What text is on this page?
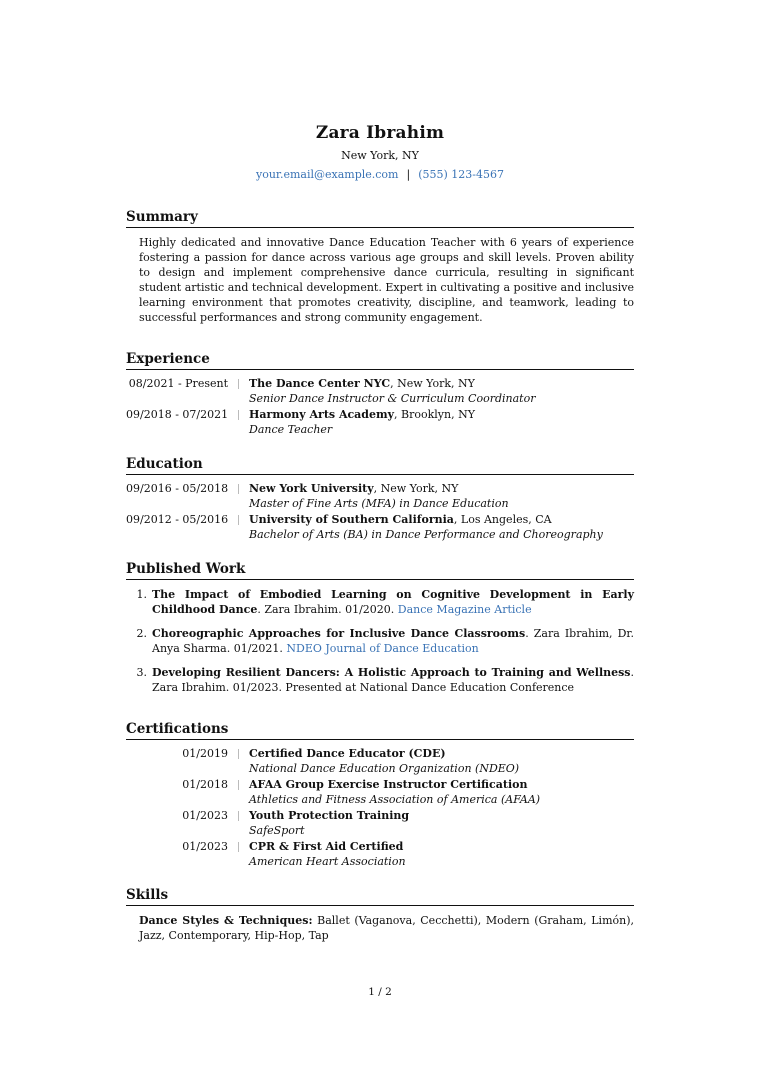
Zara Ibrahim
New York, NY
your.email@example.com | (555) 123-4567
Summary
Highly dedicated and innovative Dance Education Teacher with 6 years of experience fostering a passion for dance across various age groups and skill levels. Proven ability to design and implement comprehensive dance curricula, resulting in significant student artistic and technical development. Expert in cultivating a positive and inclusive learning environment that promotes creativity, discipline, and teamwork, leading to successful performances and strong community engagement.
Experience
08/2021 - Present	The Dance Center NYC, New York, NY
Senior Dance Instructor & Curriculum Coordinator
09/2018 - 07/2021	Harmony Arts Academy, Brooklyn, NY
Dance Teacher
Education
09/2016 - 05/2018	New York University, New York, NY
Master of Fine Arts (MFA) in Dance Education
09/2012 - 05/2016	University of Southern California, Los Angeles, CA
Bachelor of Arts (BA) in Dance Performance and Choreography
Published Work
1. The Impact of Embodied Learning on Cognitive Development in Early Childhood Dance. Zara Ibrahim. 01/2020. Dance Magazine Article
2. Choreographic Approaches for Inclusive Dance Classrooms. Zara Ibrahim, Dr. Anya Sharma. 01/2021. NDEO Journal of Dance Education
3. Developing Resilient Dancers: A Holistic Approach to Training and Wellness. Zara Ibrahim. 01/2023. Presented at National Dance Education Conference
Certifications
01/2019	Certified Dance Educator (CDE)
National Dance Education Organization (NDEO)
01/2018	AFAA Group Exercise Instructor Certification
Athletics and Fitness Association of America (AFAA)
01/2023	Youth Protection Training
SafeSport
01/2023	CPR & First Aid Certified
American Heart Association
Skills
Dance Styles & Techniques: Ballet (Vaganova, Cecchetti), Modern (Graham, Limón), Jazz, Contemporary, Hip-Hop, Tap
1 / 2
